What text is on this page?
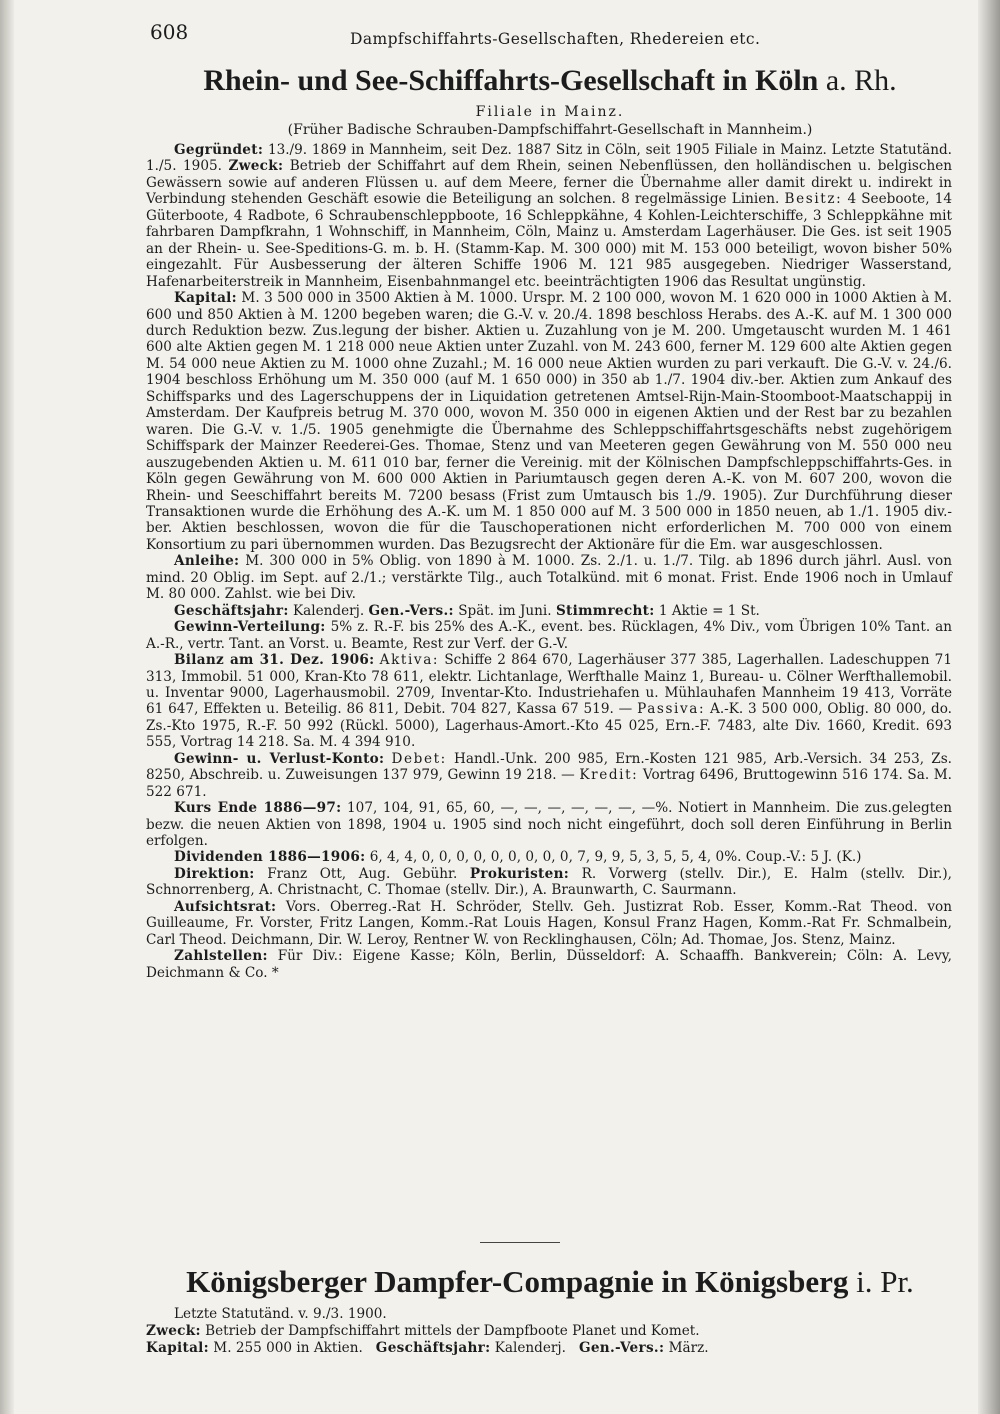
608	Dampfschiffahrts-Gesellschaften, Rhedereien etc.
Rhein- und See-Schiffahrts-Gesellschaft in Köln a. Rh.
Filiale in Mainz.
(Früher Badische Schrauben-Dampfschiffahrt-Gesellschaft in Mannheim.)

Gegründet: 13./9. 1869 in Mannheim, seit Dez. 1887 Sitz in Cöln, seit 1905 Filiale in Mainz. Letzte Statutänd. 1./5. 1905. Zweck: Betrieb der Schiffahrt auf dem Rhein, seinen Nebenflüssen, den holländischen u. belgischen Gewässern sowie auf anderen Flüssen u. auf dem Meere, ferner die Übernahme aller damit direkt u. indirekt in Verbindung stehenden Geschäft esowie die Beteiligung an solchen. 8 regelmässige Linien. Besitz: 4 Seeboote, 14 Güterboote, 4 Radbote, 6 Schraubenschleppboote, 16 Schleppkähne, 4 Kohlen-Leichterschiffe, 3 Schleppkähne mit fahrbaren Dampfkrahn, 1 Wohnschiff, in Mannheim, Cöln, Mainz u. Amsterdam Lagerhäuser. Die Ges. ist seit 1905 an der Rhein- u. See-Speditions-G. m. b. H. (Stamm-Kap. M. 300 000) mit M. 153 000 beteiligt, wovon bisher 50% eingezahlt. Für Ausbesserung der älteren Schiffe 1906 M. 121 985 ausgegeben. Niedriger Wasserstand, Hafenarbeiterstreik in Mannheim, Eisenbahnmangel etc. beeinträchtigten 1906 das Resultat ungünstig.

Kapital: M. 3 500 000 in 3500 Aktien à M. 1000. Urspr. M. 2 100 000, wovon M. 1 620 000 in 1000 Aktien à M. 600 und 850 Aktien à M. 1200 begeben waren; die G.-V. v. 20./4. 1898 beschloss Herabs. des A.-K. auf M. 1 300 000 durch Reduktion bezw. Zus.legung der bisher. Aktien u. Zuzahlung von je M. 200. Umgetauscht wurden M. 1 461 600 alte Aktien gegen M. 1 218 000 neue Aktien unter Zuzahl. von M. 243 600, ferner M. 129 600 alte Aktien gegen M. 54 000 neue Aktien zu M. 1000 ohne Zuzahl.; M. 16 000 neue Aktien wurden zu pari verkauft. Die G.-V. v. 24./6. 1904 beschloss Erhöhung um M. 350 000 (auf M. 1 650 000) in 350 ab 1./7. 1904 div.-ber. Aktien zum Ankauf des Schiffsparks und des Lagerschuppens der in Liquidation getretenen Amtsel-Rijn-Main-Stoomboot-Maatschappij in Amsterdam. Der Kaufpreis betrug M. 370 000, wovon M. 350 000 in eigenen Aktien und der Rest bar zu bezahlen waren. Die G.-V. v. 1./5. 1905 genehmigte die Übernahme des Schleppschiffahrtsgeschäfts nebst zugehörigem Schiffspark der Mainzer Reederei-Ges. Thomae, Stenz und van Meeteren gegen Gewährung von M. 550 000 neu auszugebenden Aktien u. M. 611 010 bar, ferner die Vereinig. mit der Kölnischen Dampfschleppschiffahrts-Ges. in Köln gegen Gewährung von M. 600 000 Aktien in Pariumtausch gegen deren A.-K. von M. 607 200, wovon die Rhein- und Seeschiffahrt bereits M. 7200 besass (Frist zum Umtausch bis 1./9. 1905). Zur Durchführung dieser Transaktionen wurde die Erhöhung des A.-K. um M. 1 850 000 auf M. 3 500 000 in 1850 neuen, ab 1./1. 1905 div.-ber. Aktien beschlossen, wovon die für die Tauschoperationen nicht erforderlichen M. 700 000 von einem Konsortium zu pari übernommen wurden. Das Bezugsrecht der Aktionäre für die Em. war ausgeschlossen.

Anleihe: M. 300 000 in 5% Oblig. von 1890 à M. 1000. Zs. 2./1. u. 1./7. Tilg. ab 1896 durch jährl. Ausl. von mind. 20 Oblig. im Sept. auf 2./1.; verstärkte Tilg., auch Totalkünd. mit 6 monat. Frist. Ende 1906 noch in Umlauf M. 80 000. Zahlst. wie bei Div.

Geschäftsjahr: Kalenderj. Gen.-Vers.: Spät. im Juni. Stimmrecht: 1 Aktie = 1 St.

Gewinn-Verteilung: 5% z. R.-F. bis 25% des A.-K., event. bes. Rücklagen, 4% Div., vom Übrigen 10% Tant. an A.-R., vertr. Tant. an Vorst. u. Beamte, Rest zur Verf. der G.-V.

Bilanz am 31. Dez. 1906: Aktiva: Schiffe 2 864 670, Lagerhäuser 377 385, Lagerhallen. Ladeschuppen 71 313, Immobil. 51 000, Kran-Kto 78 611, elektr. Lichtanlage, Werfthalle Mainz 1, Bureau- u. Cölner Werfthallemobil. u. Inventar 9000, Lagerhausmobil. 2709, Inventar-Kto. Industriehafen u. Mühlauhafen Mannheim 19 413, Vorräte 61 647, Effekten u. Beteilig. 86 811, Debit. 704 827, Kassa 67 519. — Passiva: A.-K. 3 500 000, Oblig. 80 000, do. Zs.-Kto 1975, R.-F. 50 992 (Rückl. 5000), Lagerhaus-Amort.-Kto 45 025, Ern.-F. 7483, alte Div. 1660, Kredit. 693 555, Vortrag 14 218. Sa. M. 4 394 910.

Gewinn- u. Verlust-Konto: Debet: Handl.-Unk. 200 985, Ern.-Kosten 121 985, Arb.-Versich. 34 253, Zs. 8250, Abschreib. u. Zuweisungen 137 979, Gewinn 19 218. — Kredit: Vortrag 6496, Bruttogewinn 516 174. Sa. M. 522 671.

Kurs Ende 1886—97: 107, 104, 91, 65, 60, —, —, —, —, —, —, —%. Notiert in Mannheim. Die zus.gelegten bezw. die neuen Aktien von 1898, 1904 u. 1905 sind noch nicht eingeführt, doch soll deren Einführung in Berlin erfolgen.

Dividenden 1886—1906: 6, 4, 4, 0, 0, 0, 0, 0, 0, 0, 0, 0, 7, 9, 9, 5, 3, 5, 5, 4, 0%. Coup.-V.: 5 J. (K.)

Direktion: Franz Ott, Aug. Gebühr. Prokuristen: R. Vorwerg (stellv. Dir.), E. Halm (stellv. Dir.), Schnorrenberg, A. Christnacht, C. Thomae (stellv. Dir.), A. Braunwarth, C. Saurmann.

Aufsichtsrat: Vors. Oberreg.-Rat H. Schröder, Stellv. Geh. Justizrat Rob. Esser, Komm.-Rat Theod. von Guilleaume, Fr. Vorster, Fritz Langen, Komm.-Rat Louis Hagen, Konsul Franz Hagen, Komm.-Rat Fr. Schmalbein, Carl Theod. Deichmann, Dir. W. Leroy, Rentner W. von Recklinghausen, Cöln; Ad. Thomae, Jos. Stenz, Mainz.

Zahlstellen: Für Div.: Eigene Kasse; Köln, Berlin, Düsseldorf: A. Schaaffh. Bankverein; Cöln: A. Levy, Deichmann & Co. *

Königsberger Dampfer-Compagnie in Königsberg i. Pr.

Letzte Statutänd. v. 9./3. 1900.

Zweck: Betrieb der Dampfschiffahrt mittels der Dampfboote Planet und Komet.

Kapital: M. 255 000 in Aktien. Geschäftsjahr: Kalenderj. Gen.-Vers.: März.
